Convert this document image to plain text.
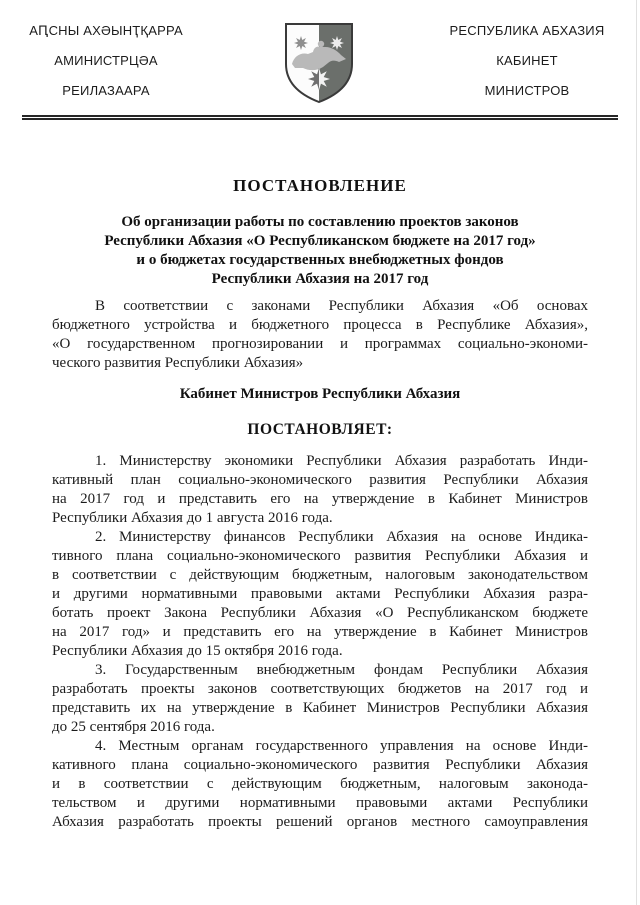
АԤСНЫ АХӘЫНҬҚАРРА
АМИНИСТРЦӘА
РЕИЛАЗААРА
РЕСПУБЛИКА АБХАЗИЯ
КАБИНЕТ
МИНИСТРОВ
ПОСТАНОВЛЕНИЕ
Об организации работы по составлению проектов законов
Республики Абхазия «О Республиканском бюджете на 2017 год»
и о бюджетах государственных внебюджетных фондов
Республики Абхазия на 2017 год
В соответствии с законами Республики Абхазия «Об основах
бюджетного устройства и бюджетного процесса в Республике Абхазия»,
«О государственном прогнозировании и программах социально-экономи-
ческого развития Республики Абхазия»
Кабинет Министров Республики Абхазия
ПОСТАНОВЛЯЕТ:
1. Министерству экономики Республики Абхазия разработать Инди-
кативный план социально-экономического развития Республики Абхазия
на 2017 год и представить его на утверждение в Кабинет Министров
Республики Абхазия до 1 августа 2016 года.
2. Министерству финансов Республики Абхазия на основе Индика-
тивного плана социально-экономического развития Республики Абхазия и
в соответствии с действующим бюджетным, налоговым законодательством
и другими нормативными правовыми актами Республики Абхазия разра-
ботать проект Закона Республики Абхазия «О Республиканском бюджете
на 2017 год» и представить его на утверждение в Кабинет Министров
Республики Абхазия до 15 октября 2016 года.
3. Государственным внебюджетным фондам Республики Абхазия
разработать проекты законов соответствующих бюджетов на 2017 год и
представить их на утверждение в Кабинет Министров Республики Абхазия
до 25 сентября 2016 года.
4. Местным органам государственного управления на основе Инди-
кативного плана социально-экономического развития Республики Абхазия
и в соответствии с действующим бюджетным, налоговым законода-
тельством и другими нормативными правовыми актами Республики
Абхазия разработать проекты решений органов местного самоуправления
